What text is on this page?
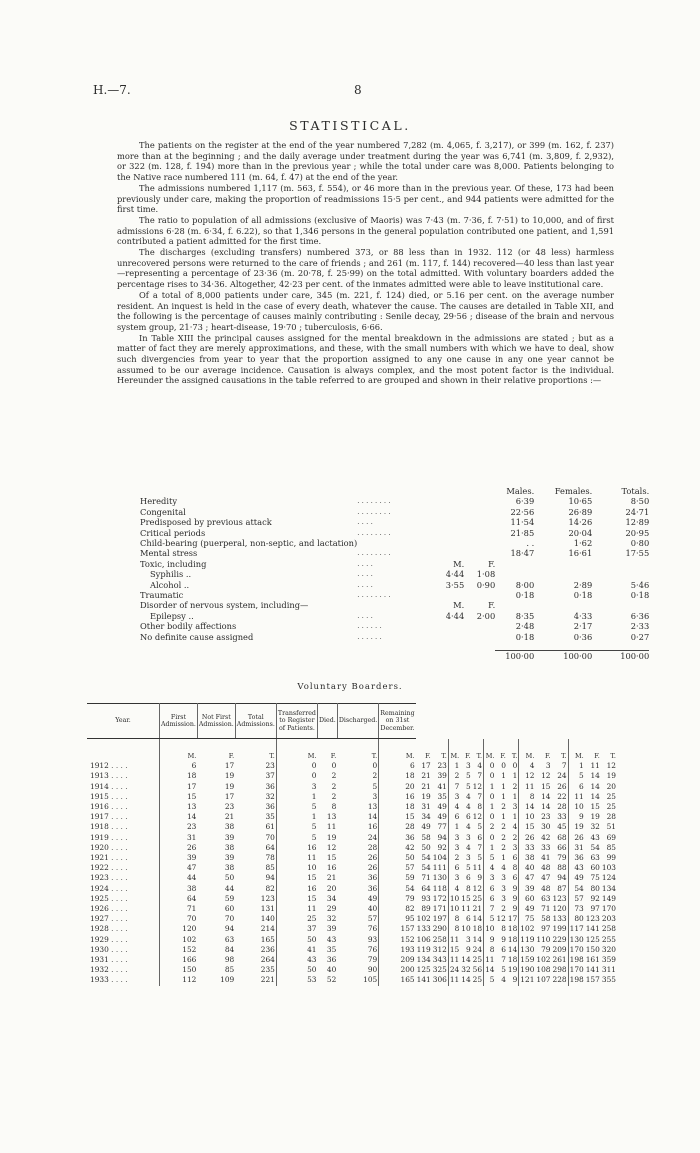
H.—7.	8
STATISTICAL.

The patients on the register at the end of the year numbered 7,282 (m. 4,065, f. 3,217), or 399 (m. 162, f. 237) more than at the beginning ; and the daily average under treatment during the year was 6,741 (m. 3,809, f. 2,932), or 322 (m. 128, f. 194) more than in the previous year ; while the total under care was 8,000. Patients belonging to the Native race numbered 111 (m. 64, f. 47) at the end of the year.

The admissions numbered 1,117 (m. 563, f. 554), or 46 more than in the previous year. Of these, 173 had been previously under care, making the proportion of readmissions 15·5 per cent., and 944 patients were admitted for the first time.

The ratio to population of all admissions (exclusive of Maoris) was 7·43 (m. 7·36, f. 7·51) to 10,000, and of first admissions 6·28 (m. 6·34, f. 6.22), so that 1,346 persons in the general population contributed one patient, and 1,591 contributed a patient admitted for the first time.

The discharges (excluding transfers) numbered 373, or 88 less than in 1932. 112 (or 48 less) harmless unrecovered persons were returned to the care of friends ; and 261 (m. 117, f. 144) recovered—40 less than last year—representing a percentage of 23·36 (m. 20·78, f. 25·99) on the total admitted. With voluntary boarders added the percentage rises to 34·36. Altogether, 42·23 per cent. of the inmates admitted were able to leave institutional care.

Of a total of 8,000 patients under care, 345 (m. 221, f. 124) died, or 5.16 per cent. on the average number resident. An inquest is held in the case of every death, whatever the cause. The causes are detailed in Table XII, and the following is the percentage of causes mainly contributing : Senile decay, 29·56 ; disease of the brain and nervous system group, 21·73 ; heart-disease, 19·70 ; tuberculosis, 6·66.

In Table XIII the principal causes assigned for the mental breakdown in the admissions are stated ; but as a matter of fact they are merely approximations, and these, with the small numbers with which we have to deal, show such divergencies from year to year that the proportion assigned to any one cause in any one year cannot be assumed to be our average incidence. Causation is always complex, and the most potent factor is the individual. Hereunder the assigned causations in the table referred to are grouped and shown in their relative proportions :—

				Males.	Females.	Totals.
Heredity	. . . . . . . .			6·39	10·65	8·50
Congenital	. . . . . . . .			22·56	26·89	24·71
Predisposed by previous attack	. . . .			11·54	14·26	12·89
Critical periods	. . . . . . . .			21·85	20·04	20·95
Child-bearing (puerperal, non-septic, and lactation)				. .	1·62	0·80
Mental stress	. . . . . . . .			18·47	16·61	17·55
Toxic, including	. . . .	M.	F.			
Syphilis ..	. . . .	4·44	1·08			
Alcohol ..	. . . .	3·55	0·90	8·00	2·89	5·46
Traumatic	. . . . . . . .			0·18	0·18	0·18
Disorder of nervous system, including—		M.	F.			
Epilepsy ..	. . . .	4·44	2·00	8·35	4·33	6·36
Other bodily affections	. . . . . .			2·48	2·17	2·33
No definite cause assigned	. . . . . .			0·18	0·36	0·27

				100·00	100·00	100·00
Voluntary Boarders.
Year.	First Admission.	Not First Admission.	Total Admissions.	Transferred to Register of Patients.	Died.	Discharged.	Remaining on 31st December.														
	M.	F.	T.	M.	F.	T.	M.	F.	T.	M.	F.	T.	M.	F.	T.	M.	F.	T.	M.	F.	T.
1912 . . . .	6	17	23	0	0	0	6	17	23	1	3	4	0	0	0	4	3	7	1	11	12
1913 . . . .	18	19	37	0	2	2	18	21	39	2	5	7	0	1	1	12	12	24	5	14	19
1914 . . . .	17	19	36	3	2	5	20	21	41	7	5	12	1	1	2	11	15	26	6	14	20
1915 . . . .	15	17	32	1	2	3	16	19	35	3	4	7	0	1	1	8	14	22	11	14	25
1916 . . . .	13	23	36	5	8	13	18	31	49	4	4	8	1	2	3	14	14	28	10	15	25
1917 . . . .	14	21	35	1	13	14	15	34	49	6	6	12	0	1	1	10	23	33	9	19	28
1918 . . . .	23	38	61	5	11	16	28	49	77	1	4	5	2	2	4	15	30	45	19	32	51
1919 . . . .	31	39	70	5	19	24	36	58	94	3	3	6	0	2	2	26	42	68	26	43	69
1920 . . . .	26	38	64	16	12	28	42	50	92	3	4	7	1	2	3	33	33	66	31	54	85
1921 . . . .	39	39	78	11	15	26	50	54	104	2	3	5	5	1	6	38	41	79	36	63	99
1922 . . . .	47	38	85	10	16	26	57	54	111	6	5	11	4	4	8	40	48	88	43	60	103
1923 . . . .	44	50	94	15	21	36	59	71	130	3	6	9	3	3	6	47	47	94	49	75	124
1924 . . . .	38	44	82	16	20	36	54	64	118	4	8	12	6	3	9	39	48	87	54	80	134
1925 . . . .	64	59	123	15	34	49	79	93	172	10	15	25	6	3	9	60	63	123	57	92	149
1926 . . . .	71	60	131	11	29	40	82	89	171	10	11	21	7	2	9	49	71	120	73	97	170
1927 . . . .	70	70	140	25	32	57	95	102	197	8	6	14	5	12	17	75	58	133	80	123	203
1928 . . . .	120	94	214	37	39	76	157	133	290	8	10	18	10	8	18	102	97	199	117	141	258
1929 . . . .	102	63	165	50	43	93	152	106	258	11	3	14	9	9	18	119	110	229	130	125	255
1930 . . . .	152	84	236	41	35	76	193	119	312	15	9	24	8	6	14	130	79	209	170	150	320
1931 . . . .	166	98	264	43	36	79	209	134	343	11	14	25	11	7	18	159	102	261	198	161	359
1932 . . . .	150	85	235	50	40	90	200	125	325	24	32	56	14	5	19	190	108	298	170	141	311
1933 . . . .	112	109	221	53	52	105	165	141	306	11	14	25	5	4	9	121	107	228	198	157	355
